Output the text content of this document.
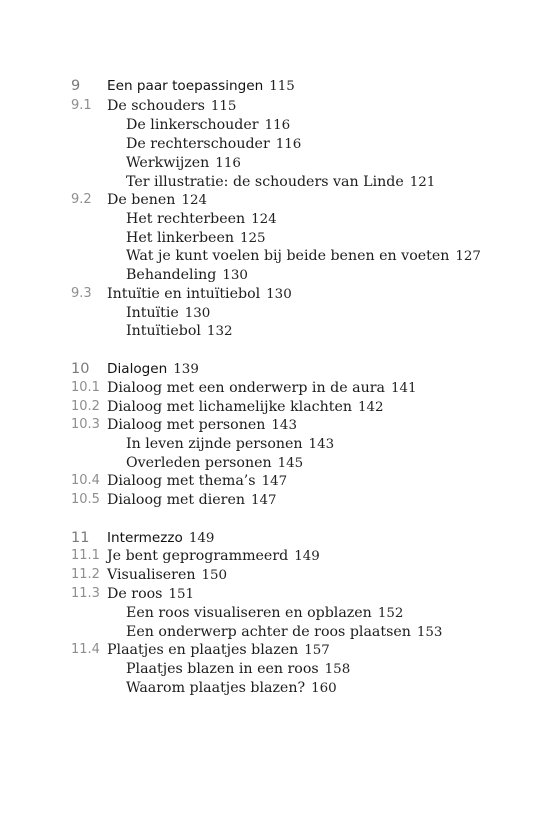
9 Een paar toepassingen 115
9.1 De schouders 115
De linkerschouder 116
De rechterschouder 116
Werkwijzen 116
Ter illustratie: de schouders van Linde 121
9.2 De benen 124
Het rechterbeen 124
Het linkerbeen 125
Wat je kunt voelen bij beide benen en voeten 127
Behandeling 130
9.3 Intuïtie en intuïtiebol 130
Intuïtie 130
Intuïtiebol 132
10 Dialogen 139
10.1 Dialoog met een onderwerp in de aura 141
10.2 Dialoog met lichamelijke klachten 142
10.3 Dialoog met personen 143
In leven zijnde personen 143
Overleden personen 145
10.4 Dialoog met thema’s 147
10.5 Dialoog met dieren 147
11 Intermezzo 149
11.1 Je bent geprogrammeerd 149
11.2 Visualiseren 150
11.3 De roos 151
Een roos visualiseren en opblazen 152
Een onderwerp achter de roos plaatsen 153
11.4 Plaatjes en plaatjes blazen 157
Plaatjes blazen in een roos 158
Waarom plaatjes blazen? 160
